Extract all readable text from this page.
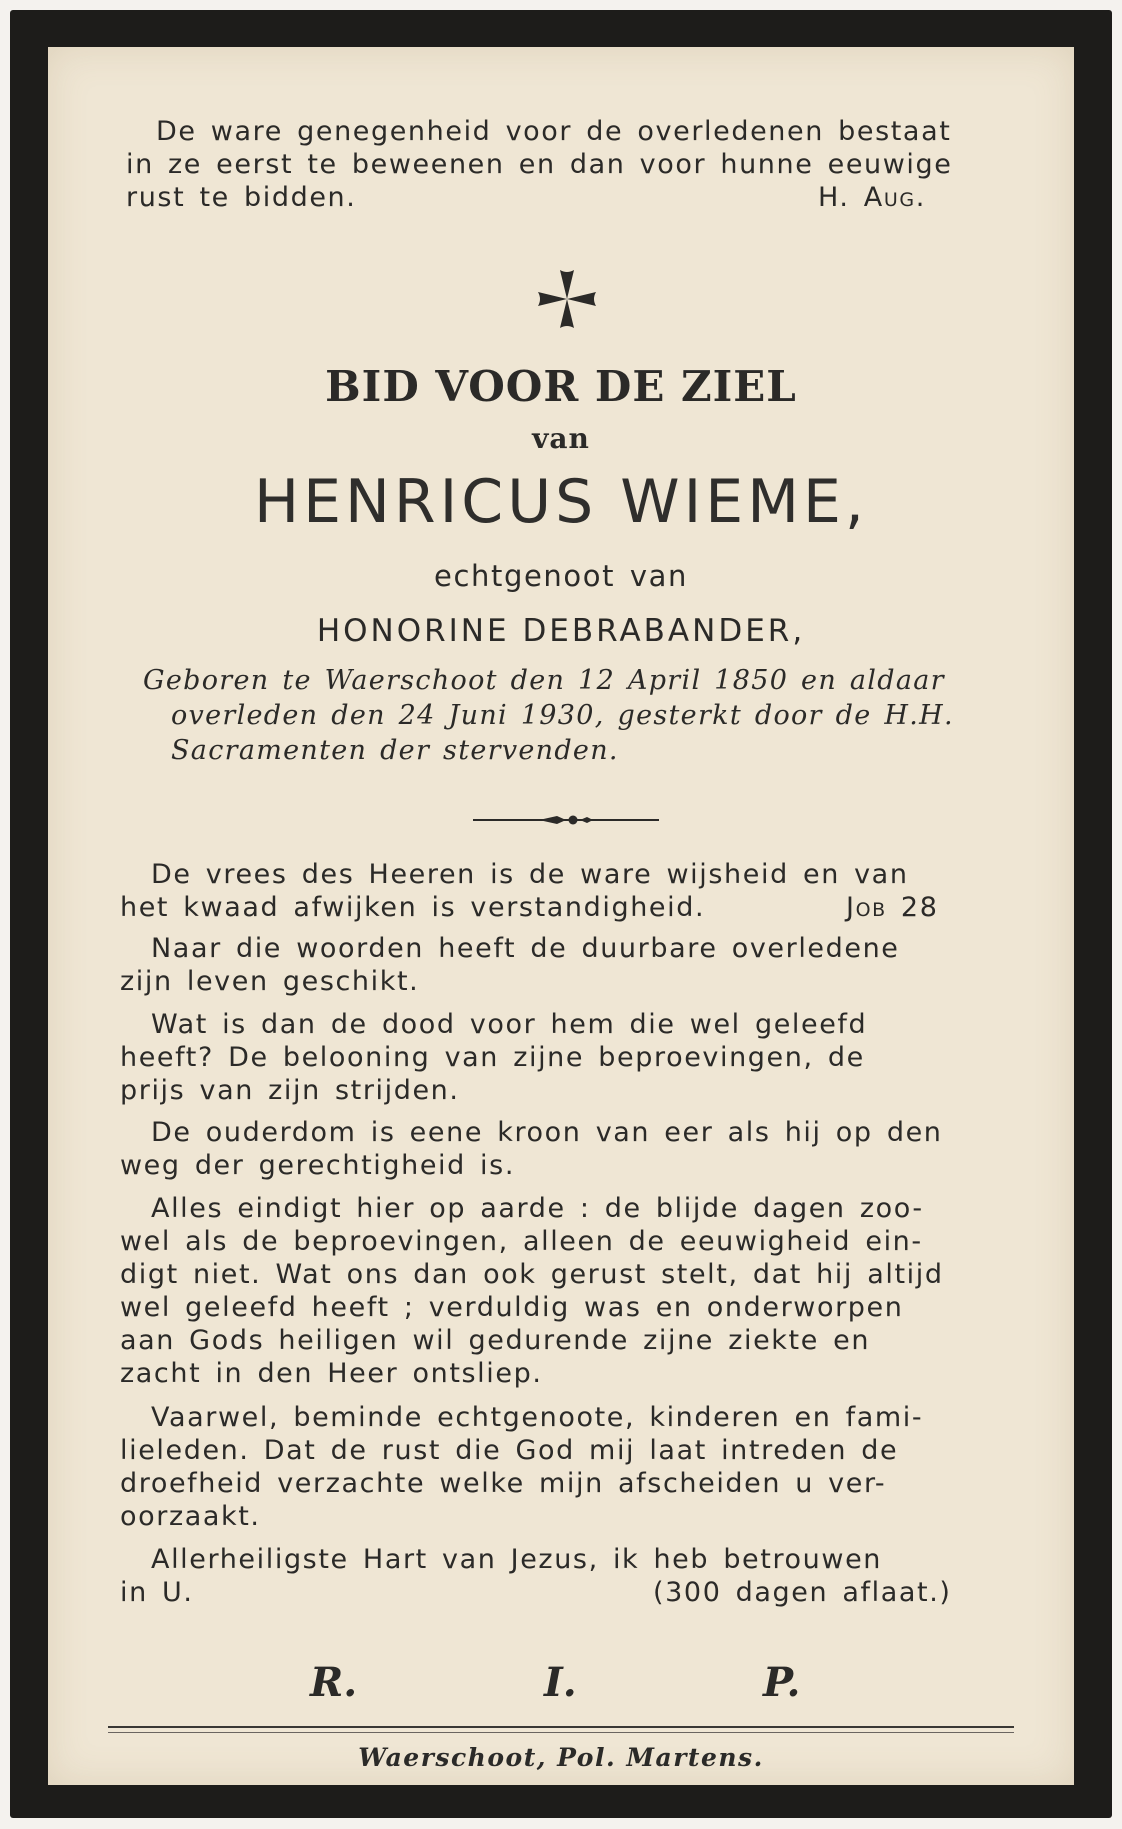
De ware genegenheid voor de overledenen bestaat
in ze eerst te beweenen en dan voor hunne eeuwige
rust te bidden.	H. Aug.
BID VOOR DE ZIEL
van
HENRICUS WIEME,
echtgenoot van
HONORINE DEBRABANDER,
Geboren te Waerschoot den 12 April 1850 en aldaar
overleden den 24 Juni 1930, gesterkt door de H.H.
Sacramenten der stervenden.
De vrees des Heeren is de ware wijsheid en van
het kwaad afwijken is verstandigheid.	Job 28
Naar die woorden heeft de duurbare overledene
zijn leven geschikt.
Wat is dan de dood voor hem die wel geleefd
heeft? De belooning van zijne beproevingen, de
prijs van zijn strijden.
De ouderdom is eene kroon van eer als hij op den
weg der gerechtigheid is.
Alles eindigt hier op aarde : de blijde dagen zoo-
wel als de beproevingen, alleen de eeuwigheid ein-
digt niet. Wat ons dan ook gerust stelt, dat hij altijd
wel geleefd heeft ; verduldig was en onderworpen
aan Gods heiligen wil gedurende zijne ziekte en
zacht in den Heer ontsliep.
Vaarwel, beminde echtgenoote, kinderen en fami-
lieleden. Dat de rust die God mij laat intreden de
droefheid verzachte welke mijn afscheiden u ver-
oorzaakt.
Allerheiligste Hart van Jezus, ik heb betrouwen
in U.	(300 dagen aflaat.)
R.	I.	P.
Waerschoot, Pol. Martens.
